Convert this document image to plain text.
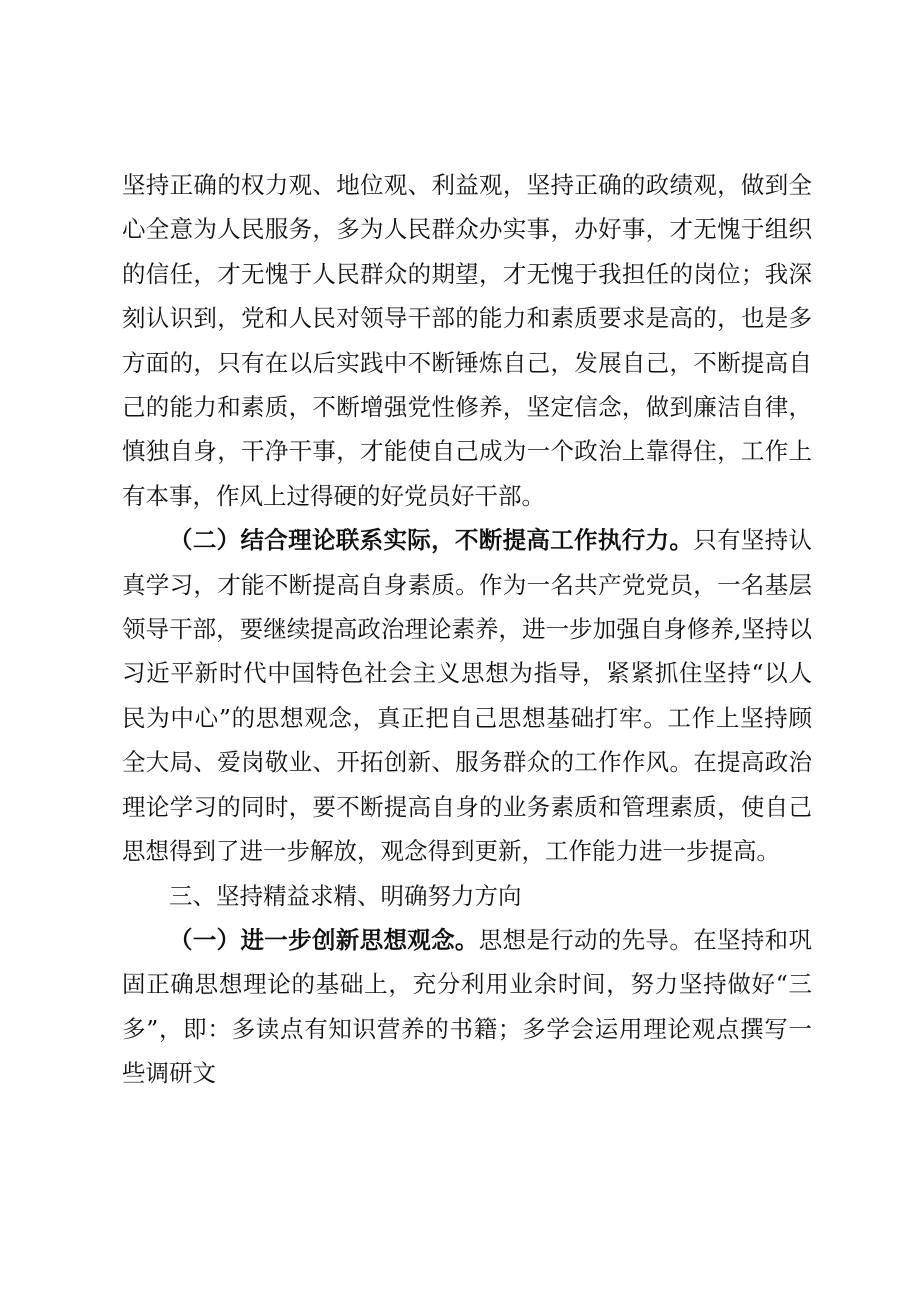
坚持正确的权力观、地位观、利益观，坚持正确的政绩观，做到全心全意为人民服务，多为人民群众办实事，办好事，才无愧于组织的信任，才无愧于人民群众的期望，才无愧于我担任的岗位；我深刻认识到，党和人民对领导干部的能力和素质要求是高的，也是多方面的，只有在以后实践中不断锤炼自己，发展自己，不断提高自己的能力和素质，不断增强党性修养，坚定信念，做到廉洁自律，慎独自身，干净干事，才能使自己成为一个政治上靠得住，工作上有本事，作风上过得硬的好党员好干部。

（二）结合理论联系实际，不断提高工作执行力。只有坚持认真学习，才能不断提高自身素质。作为一名共产党党员，一名基层领导干部，要继续提高政治理论素养，进一步加强自身修养,坚持以习近平新时代中国特色社会主义思想为指导，紧紧抓住坚持“以人民为中心”的思想观念，真正把自己思想基础打牢。工作上坚持顾全大局、爱岗敬业、开拓创新、服务群众的工作作风。在提高政治理论学习的同时，要不断提高自身的业务素质和管理素质，使自己思想得到了进一步解放，观念得到更新，工作能力进一步提高。

三、坚持精益求精、明确努力方向

（一）进一步创新思想观念。思想是行动的先导。在坚持和巩固正确思想理论的基础上，充分利用业余时间，努力坚持做好“三多”，即：多读点有知识营养的书籍；多学会运用理论观点撰写一些调研文
